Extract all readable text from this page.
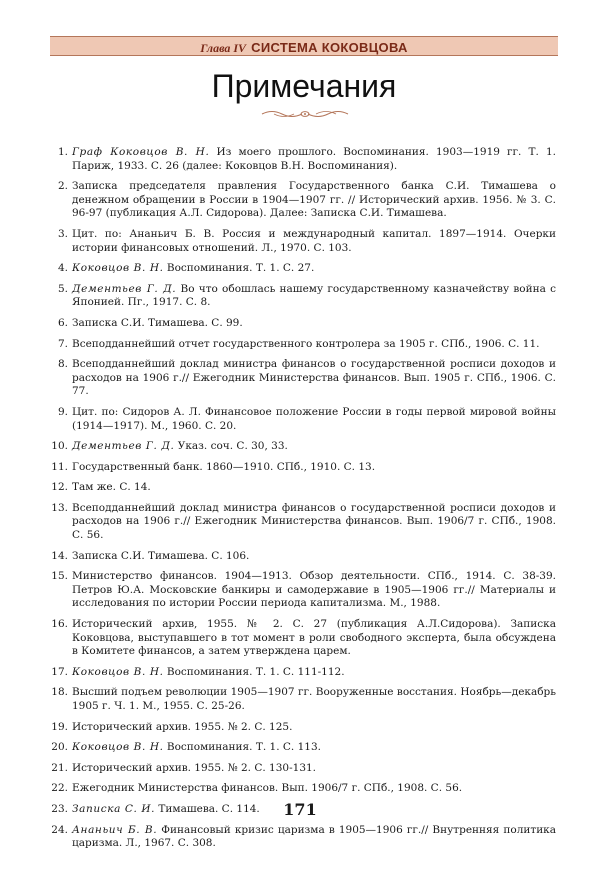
Глава IV СИСТЕМА КОКОВЦОВА
Примечания
1. Граф Коковцов В. Н. Из моего прошлого. Воспоминания. 1903—1919 гг. Т. 1. Париж, 1933. С. 26 (далее: Коковцов В.Н. Воспоминания).
2. Записка председателя правления Государственного банка С.И. Тимашева о денежном обращении в России в 1904—1907 гг. // Исторический архив. 1956. № 3. С. 96-97 (публикация А.Л. Сидорова). Далее: Записка С.И. Тимашева.
3. Цит. по: Ананьич Б. В. Россия и международный капитал. 1897—1914. Очерки истории финансовых отношений. Л., 1970. С. 103.
4. Коковцов В. Н. Воспоминания. Т. 1. С. 27.
5. Дементьев Г. Д. Во что обошлась нашему государственному казначейству война с Японией. Пг., 1917. С. 8.
6. Записка С.И. Тимашева. С. 99.
7. Всеподданнейший отчет государственного контролера за 1905 г. СПб., 1906. С. 11.
8. Всеподданнейший доклад министра финансов о государственной росписи доходов и расходов на 1906 г.// Ежегодник Министерства финансов. Вып. 1905 г. СПб., 1906. С. 77.
9. Цит. по: Сидоров А. Л. Финансовое положение России в годы первой мировой войны (1914—1917). М., 1960. С. 20.
10. Дементьев Г. Д. Указ. соч. С. 30, 33.
11. Государственный банк. 1860—1910. СПб., 1910. С. 13.
12. Там же. С. 14.
13. Всеподданнейший доклад министра финансов о государственной росписи доходов и расходов на 1906 г.// Ежегодник Министерства финансов. Вып. 1906/7 г. СПб., 1908. С. 56.
14. Записка С.И. Тимашева. С. 106.
15. Министерство финансов. 1904—1913. Обзор деятельности. СПб., 1914. С. 38-39. Петров Ю.А. Московские банкиры и самодержавие в 1905—1906 гг.// Материалы и исследования по истории России периода капитализма. М., 1988.
16. Исторический архив, 1955. № 2. С. 27 (публикация А.Л.Сидорова). Записка Коковцова, выступавшего в тот момент в роли свободного эксперта, была обсуждена в Комитете финансов, а затем утверждена царем.
17. Коковцов В. Н. Воспоминания. Т. 1. С. 111-112.
18. Высший подъем революции 1905—1907 гг. Вооруженные восстания. Ноябрь—декабрь 1905 г. Ч. 1. М., 1955. С. 25-26.
19. Исторический архив. 1955. № 2. С. 125.
20. Коковцов В. Н. Воспоминания. Т. 1. С. 113.
21. Исторический архив. 1955. № 2. С. 130-131.
22. Ежегодник Министерства финансов. Вып. 1906/7 г. СПб., 1908. С. 56.
23. Записка С. И. Тимашева. С. 114.
24. Ананьич Б. В. Финансовый кризис царизма в 1905—1906 гг.// Внутренняя политика царизма. Л., 1967. С. 308.
171
